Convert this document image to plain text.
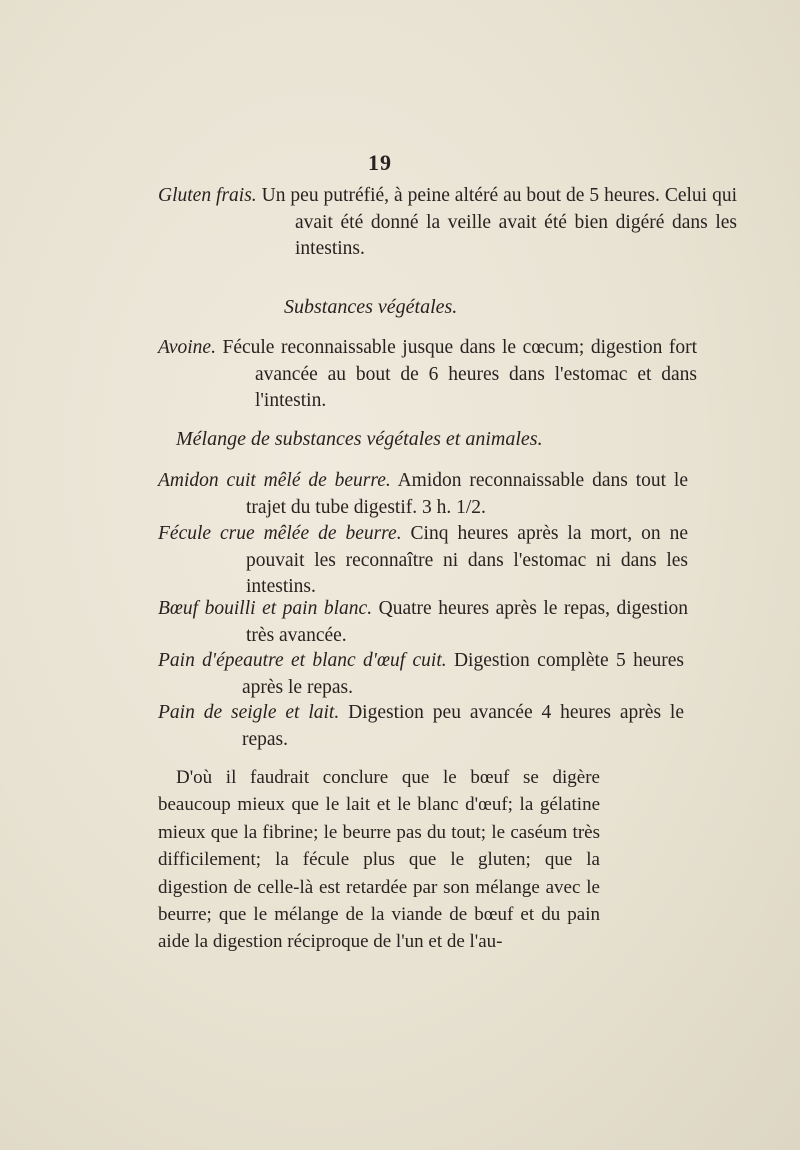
19
Gluten frais. Un peu putréfié, à peine altéré au bout de 5 heures. Celui qui avait été donné la veille avait été bien digéré dans les intestins.
Substances végétales.
Avoine. Fécule reconnaissable jusque dans le cœcum; digestion fort avancée au bout de 6 heures dans l'estomac et dans l'intestin.
Mélange de substances végétales et animales.
Amidon cuit mêlé de beurre. Amidon reconnaissable dans tout le trajet du tube digestif. 3 h. 1/2.
Fécule crue mêlée de beurre. Cinq heures après la mort, on ne pouvait les reconnaître ni dans l'estomac ni dans les intestins.
Bœuf bouilli et pain blanc. Quatre heures après le repas, digestion très avancée.
Pain d'épeautre et blanc d'œuf cuit. Digestion complète 5 heures après le repas.
Pain de seigle et lait. Digestion peu avancée 4 heures après le repas.
D'où il faudrait conclure que le bœuf se digère beaucoup mieux que le lait et le blanc d'œuf; la gélatine mieux que la fibrine; le beurre pas du tout; le caséum très difficilement; la fécule plus que le gluten; que la digestion de celle-là est retardée par son mélange avec le beurre; que le mélange de la viande de bœuf et du pain aide la digestion réciproque de l'un et de l'au-
